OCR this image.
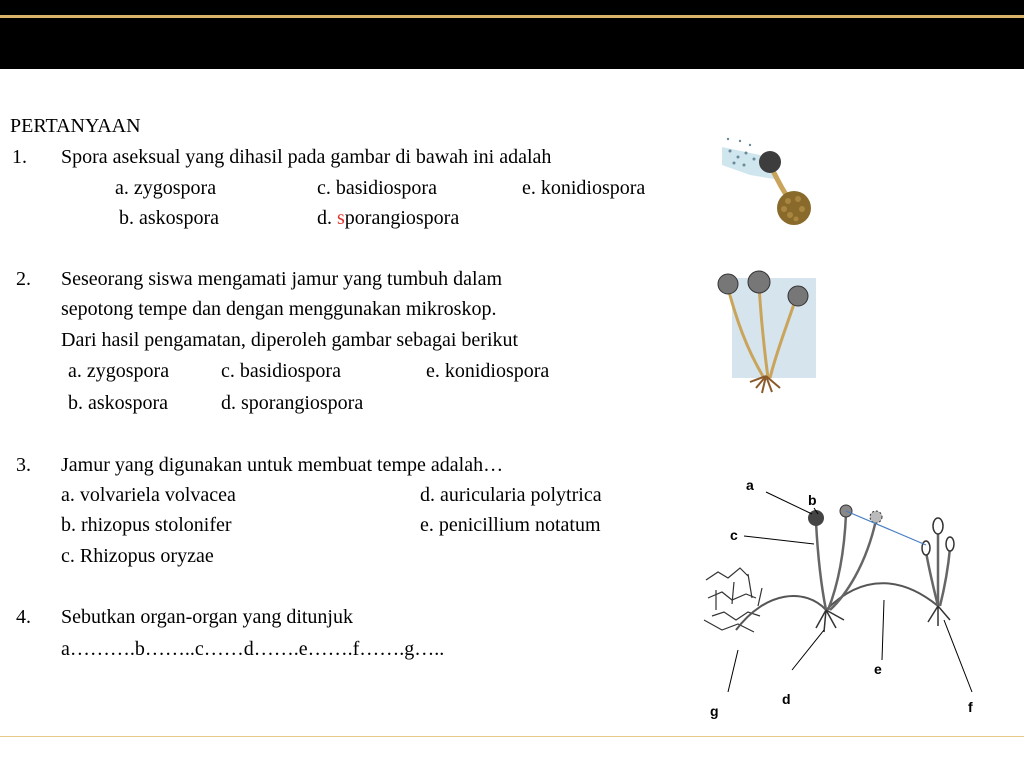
PERTANYAAN
1. Spora aseksual yang dihasil pada gambar di bawah ini adalah
a. zygospora	c. basidiospora	e. konidiospora
b. askospora	d. sporangiospora
2. Seseorang siswa mengamati jamur yang tumbuh dalam
sepotong tempe dan dengan menggunakan mikroskop.
Dari hasil pengamatan, diperoleh gambar sebagai berikut
a. zygospora	c. basidiospora	e. konidiospora
b. askospora	d. sporangiospora
3. Jamur yang digunakan untuk membuat tempe adalah…
a. volvariela volvacea	d. auricularia polytrica
b. rhizopus stolonifer	e. penicillium notatum
c. Rhizopus oryzae
4. Sebutkan organ-organ yang ditunjuk
a……….b……..c……d…….e…….f…….g…..
a
b
c
d
e
f
g
